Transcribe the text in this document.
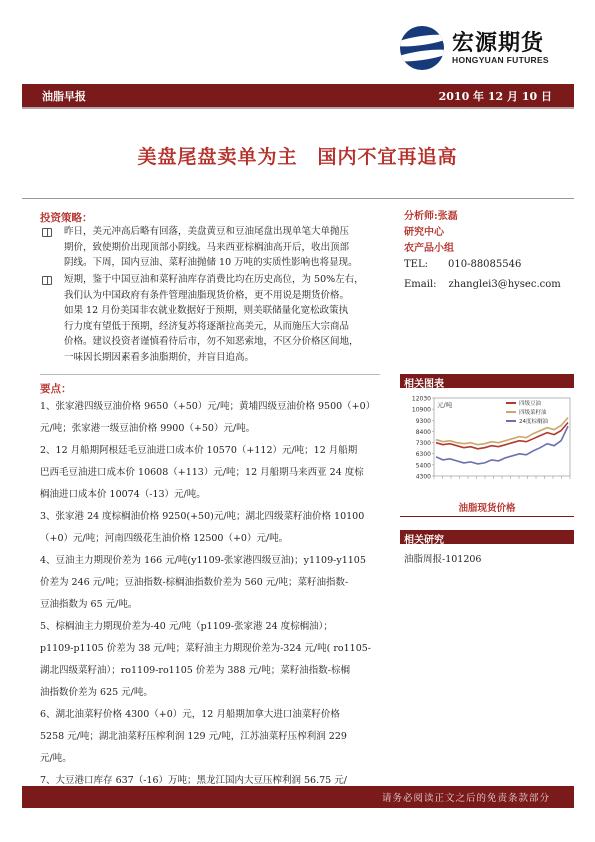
宏源期货
HONGYUAN FUTURES
油脂早报	2010 年 12 月 10 日
美盘尾盘卖单为主　国内不宜再追高
投资策略：
昨日，美元冲高后略有回落，美盘黄豆和豆油尾盘出现单笔大单抛压
期价，致使期价出现顶部小阴线。马来西亚棕榈油高开后，收出顶部
阴线。下周，国内豆油、菜籽油抛储 10 万吨的实质性影响也将显现。
短期，鉴于中国豆油和菜籽油库存消费比均在历史高位，为 50%左右，
我们认为中国政府有条件管理油脂现货价格，更不用说是期货价格。
如果 12 月份美国非农就业数据好于预期，则美联储量化宽松政策执
行力度有望低于预期，经济复苏将逐渐拉高美元，从而施压大宗商品
价格。建议投资者谨慎看待后市，勿不知恶索地，不区分价格区间地，
一味因长期因素看多油脂期价，并盲目追高。
要点：
1、张家港四级豆油价格 9650（+50）元/吨；黄埔四级豆油价格 9500（+0）
元/吨；张家港一级豆油价格 9900（+50）元/吨。
2、12 月船期阿根廷毛豆油进口成本价 10570（+112）元/吨；12 月船期
巴西毛豆油进口成本价 10608（+113）元/吨；12 月船期马来西亚 24 度棕
榈油进口成本价 10074（-13）元/吨。
3、张家港 24 度棕榈油价格 9250(+50)元/吨；湖北四级菜籽油价格 10100
（+0）元/吨；河南四级花生油价格 12500（+0）元/吨。
4、豆油主力期现价差为 166 元/吨(y1109-张家港四级豆油)；y1109-y1105
价差为 246 元/吨；豆油指数-棕榈油指数价差为 560 元/吨；菜籽油指数-
豆油指数为 65 元/吨。
5、棕榈油主力期现价差为-40 元/吨（p1109-张家港 24 度棕榈油）；
p1109-p1105 价差为 38 元/吨；菜籽油主力期现价差为-324 元/吨( ro1105-
湖北四级菜籽油）；ro1109-ro1105 价差为 388 元/吨；菜籽油指数-棕榈
油指数价差为 625 元/吨。
6、湖北油菜籽价格 4300（+0）元，12 月船期加拿大进口油菜籽价格
5258 元/吨；湖北油菜籽压榨利润 129 元/吨，江苏油菜籽压榨利润 229
元/吨。
7、大豆港口库存 637（-16）万吨；黑龙江国内大豆压榨利润 56.75 元/
分析师:张磊
研究中心
农产品小组
TEL: 010-88085546
Email: zhanglei3@hysec.com
相关图表
12030
10900
9300
8400
7300
6300
5400
4300
元/吨	四级豆油
四级菜籽油
24度棕榈油
油脂现货价格
相关研究
油脂周报-101206
请务必阅读正文之后的免责条款部分
